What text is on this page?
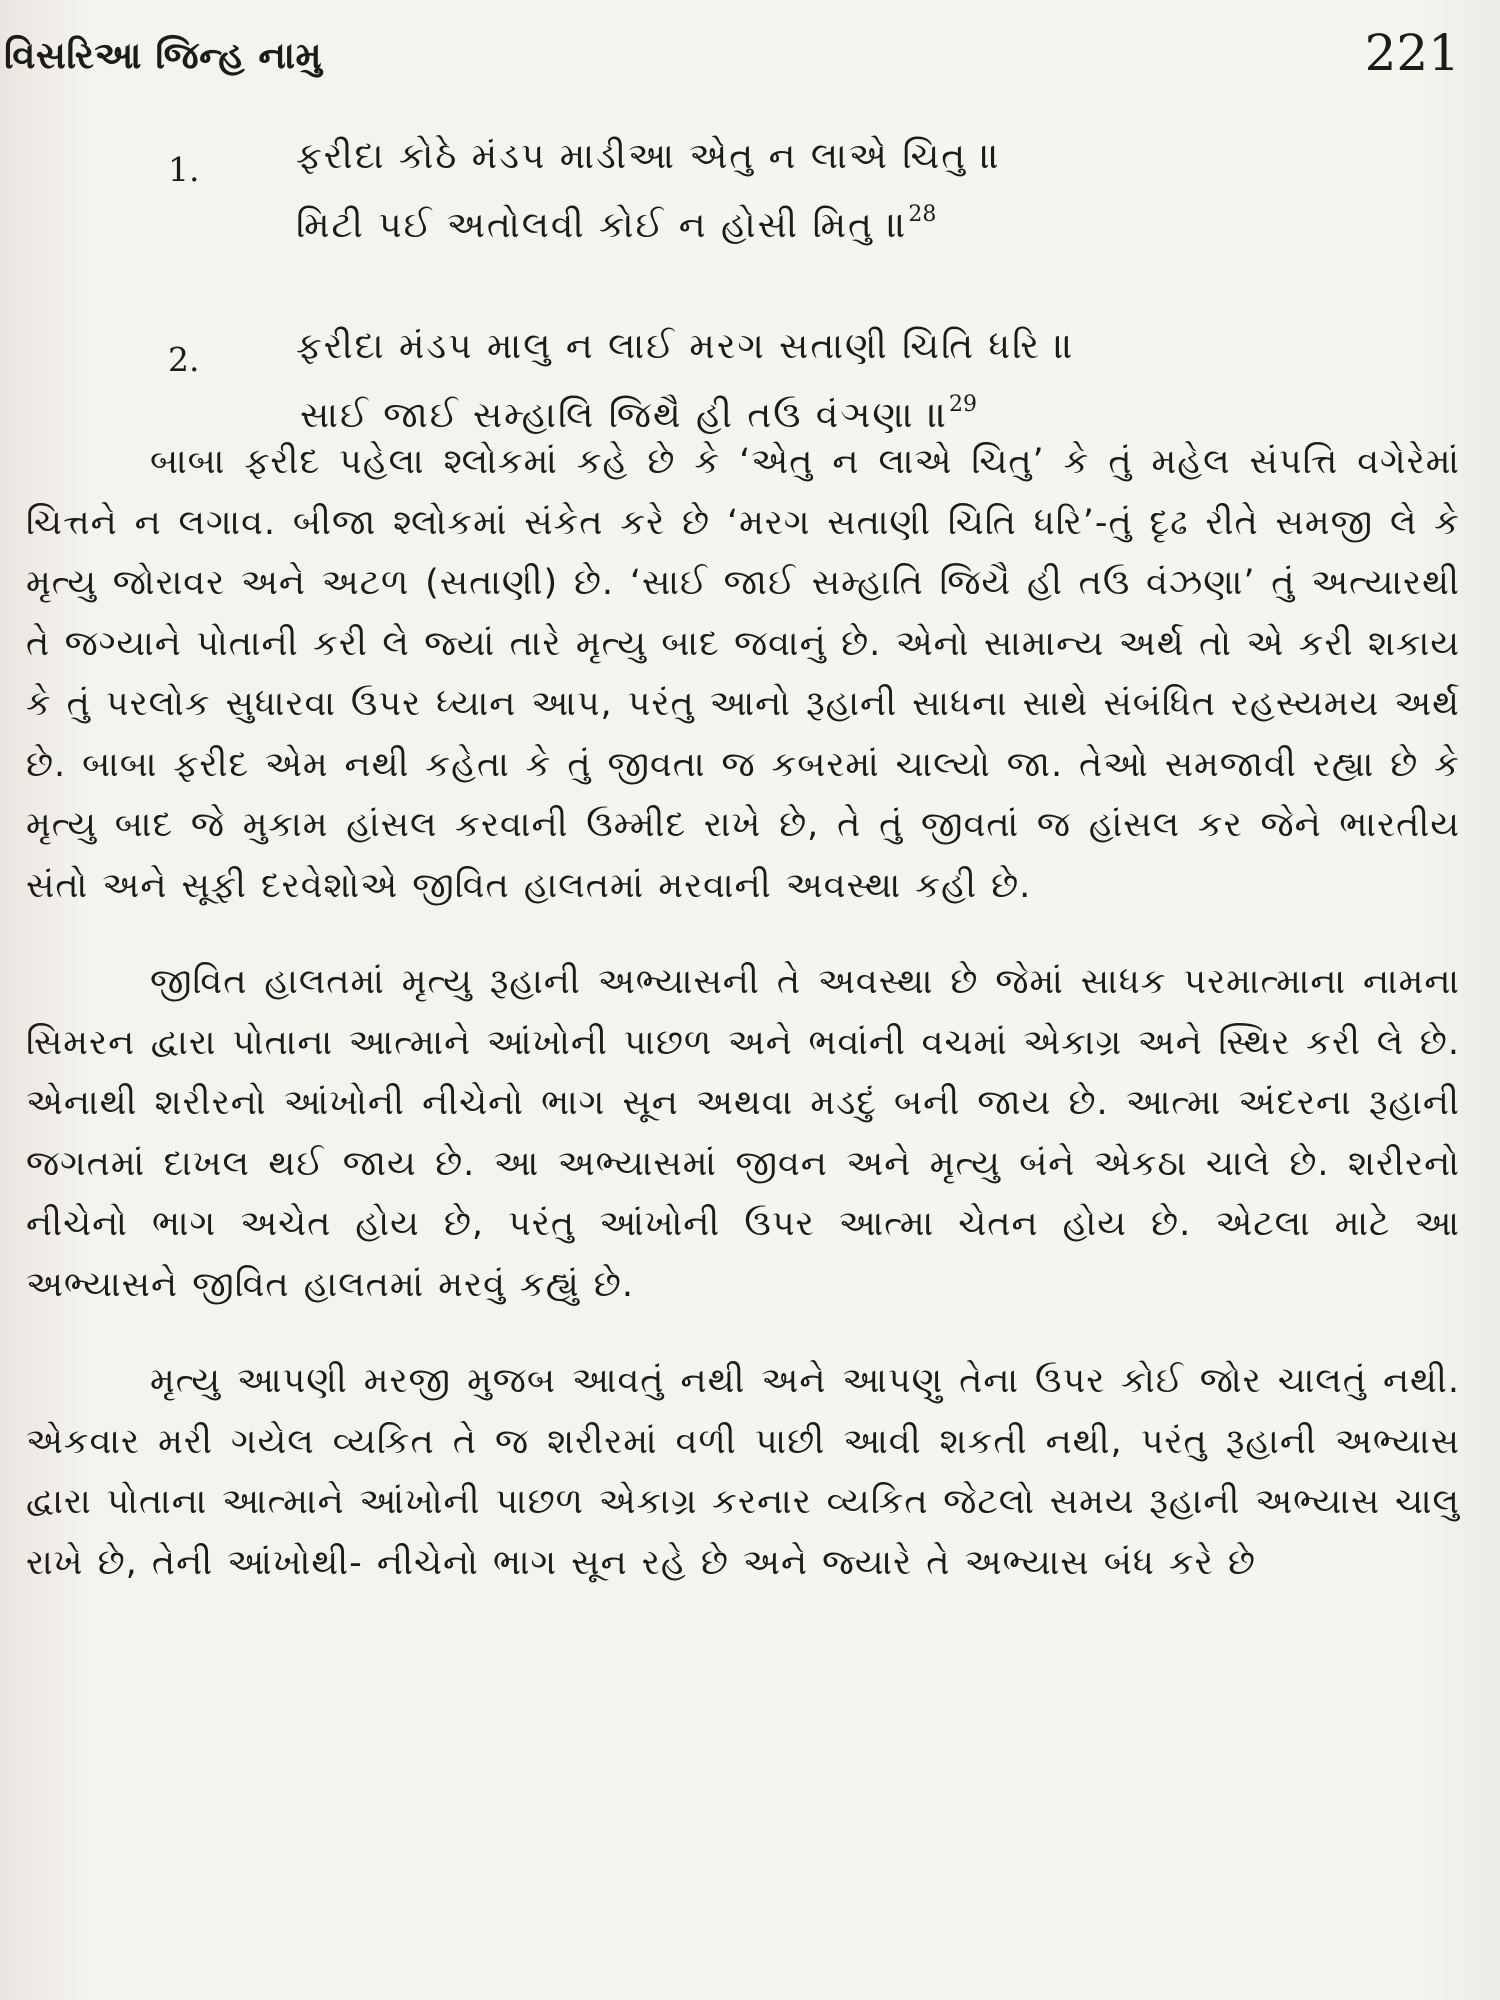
વિસરિઆ જિન્હ નામુ	221
1.	ફરીદા કોઠે મંડપ માડીઆ એતુ ન લાએ ચિતુ ॥
મિટી પઈ અતોલવી કોઈ ન હોસી મિતુ ॥$^{28}$
2.	ફરીદા મંડપ માલુ ન લાઈ મરગ સતાણી ચિતિ ધરિ ॥
સાઈ જાઈ સમ્હાલિ જિથૈ હી તઉ વંઞણા ॥$^{29}$

બાબા ફરીદ પહેલા શ્લોકમાં કહે છે કે ‘એતુ ન લાએ ચિતુ’ કે તું મહેલ સંપત્તિ વગેરેમાં ચિત્તને ન લગાવ. બીજા શ્લોકમાં સંકેત કરે છે ‘મરગ સતાણી ચિતિ ધરિ’-તું દૃઢ રીતે સમજી લે કે મૃત્યુ જોરાવર અને અટળ (સતાણી) છે. ‘સાઈ જાઈ સમ્હાતિ જિયૈ હી તઉ વંઝણા’ તું અત્યારથી તે જગ્યાને પોતાની કરી લે જ્યાં તારે મૃત્યુ બાદ જવાનું છે. એનો સામાન્ય અર્થ તો એ કરી શકાય કે તું પરલોક સુધારવા ઉપર ધ્યાન આપ, પરંતુ આનો રૂહાની સાધના સાથે સંબંધિત રહસ્યમય અર્થ છે. બાબા ફરીદ એમ નથી કહેતા કે તું જીવતા જ કબરમાં ચાલ્યો જા. તેઓ સમજાવી રહ્યા છે કે મૃત્યુ બાદ જે મુકામ હાંસલ કરવાની ઉમ્મીદ રાખે છે, તે તું જીવતાં જ હાંસલ કર જેને ભારતીય સંતો અને સૂફી દરવેશોએ જીવિત હાલતમાં મરવાની અવસ્થા કહી છે.

જીવિત હાલતમાં મૃત્યુ રૂહાની અભ્યાસની તે અવસ્થા છે જેમાં સાધક પરમાત્માના નામના સિમરન દ્વારા પોતાના આત્માને આંખોની પાછળ અને ભવાંની વચમાં એકાગ્ર અને સ્થિર કરી લે છે. એનાથી શરીરનો આંખોની નીચેનો ભાગ સૂન અથવા મડદું બની જાય છે. આત્મા અંદરના રૂહાની જગતમાં દાખલ થઈ જાય છે. આ અભ્યાસમાં જીવન અને મૃત્યુ બંને એકઠા ચાલે છે. શરીરનો નીચેનો ભાગ અચેત હોય છે, પરંતુ આંખોની ઉપર આત્મા ચેતન હોય છે. એટલા માટે આ અભ્યાસને જીવિત હાલતમાં મરવું કહ્યું છે.

મૃત્યુ આપણી મરજી મુજબ આવતું નથી અને આપણુ તેના ઉપર કોઈ જોર ચાલતું નથી. એકવાર મરી ગયેલ વ્યકિત તે જ શરીરમાં વળી પાછી આવી શકતી નથી, પરંતુ રૂહાની અભ્યાસ દ્વારા પોતાના આત્માને આંખોની પાછળ એકાગ્ર કરનાર વ્યકિત જેટલો સમય રૂહાની અભ્યાસ ચાલુ રાખે છે, તેની આંખોથી- નીચેનો ભાગ સૂન રહે છે અને જ્યારે તે અભ્યાસ બંધ કરે છે
